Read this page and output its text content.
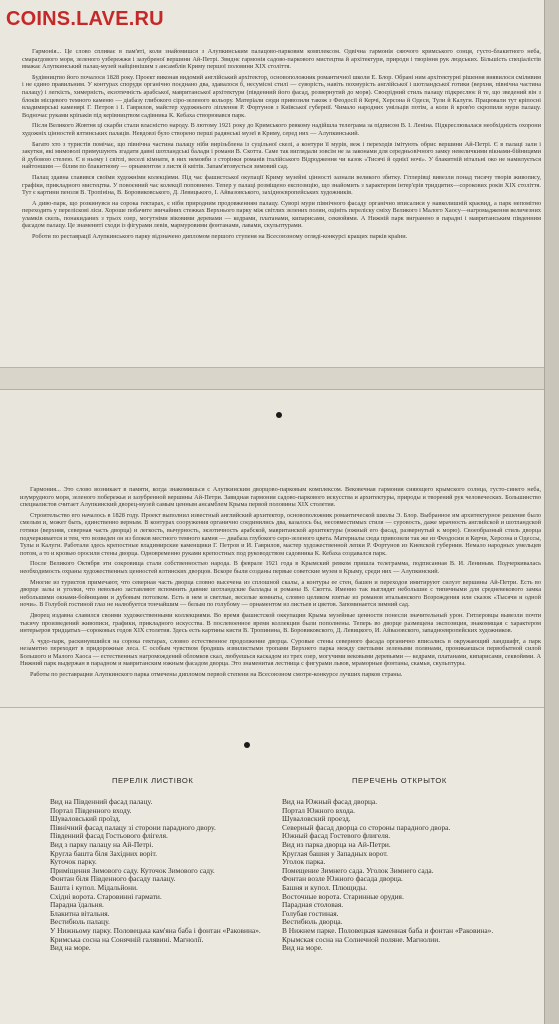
Гармонія... Це слово спливає в пам'яті, коли знайомишся з Алупкинським палацово-парковим комплексом. Одвічна гармонія сяючого кримського сонця, густо-блакитного неба, смарагдового моря, зеленого узбережжя і зазубреної вершини Ай-Петрі. Звиднє гармонія садово-паркового мистецтва й архітектури, природи і творіння рук людських. Більшість спеціалістів вважає Алупкинський палац-музей найціннішим з ансамблів Криму першої половини XIX століття.

Будівництво його почалося 1828 року. Проект виконав видомий англійський архітектор, основоположник романтичної школи Е. Блор. Обрані ним архітектурні рішення виявилося сміливим і не єдино правильним. У контурах споруди органічно поєднано два, здавалося б, несумісні стилі — суворість, навіть похмурість англійської і шотландської готики (верхня, північна частина палацу) і легкість, химерність, екзотичність арабської, мавританської архітектури (південний його фасад, розвернутий до моря). Своєрідний стиль палацу підкреслює й те, що зведений він з блоків місцевого темного каменю — діабазу глибокого сіро-зеленого кольору. Матеріали сюди привозили також з Феодосії й Керчі, Херсона й Одеси, Тули й Калуги. Працювали тут кріпосні владимирські каменярі Г. Петров і І. Гаврилов, майстер художнього ліплення Р. Фортунов з Київської губернії. Чимало народних умільців потім, а коли й кров'ю скропили мури палацу. Водночас руками кріпаків під керівництвом садівника К. Кебаха створювався парк.

Після Великого Жовтня ці скарби стали власністю народу. В лютому 1921 року до Кримського ревкому надійшла телеграма за підписом В. І. Леніна. Підкреслювалася необхідність охорони художніх цінностей ялтинських палаців. Невдовзі було створено перші радянські музеї в Криму, серед них — Алупкинський.

Багато хто з туристів помічає, що північна частина палацу ніби вирізьблена із суцільної скелі, а контури її мурів, веж і переходів імітують обрис вершини Ай-Петрі. Є в палаці зали і закутки, які мимоволі примушують згадати давні шотландські балади і романи В. Скотта. Саме так виглядали зовсім не за законами для середньовічного замку невеличкими вікнами-бійницями й дубовою стелею. Є в ньому і світлі, веселі кімнати, в них немовби з сторінки романів італійського Відродження чи казок «Тисячі й однієї ночі». У блакитній вітальні око не намилується найтоншим — білим по блакитному — орнаментом з листя й квітів. Запам'ятовується зимовий сад.

Палац здавна славився своїми художніми колекціями. Під час фашистської окупації Криму музейні цінності зазнали великого збитку. Гітлерівці вивезли понад тисячу творів живопису, графіки, прикладного мистецтва. У повоєнний час колекції поповнено. Тепер у палаці розміщено експозицію, що знайомить з характером інтер'єрів тридцятих—сорокових років XIX століття. Тут є картини пензля В. Тропініна, В. Боровиковського, Д. Левицького, І. Айвазовського, західноєвропейських художників.

А диво-парк, що розкинувся на сорока гектарах, є ніби природним продовженням палацу. Суворі мури північного фасаду органічно вписалися у навколишній краєвид, а парк непомітно переходить у переліскові ліси. Хороше побачите звичайних стежках Верхнього парку між світлих зелених полян, оцініть переліску сміху Великого і Малого Хаосу—нагромадження величезних уламків скель, понакиданих з трьох озер, могутніми віковими деревами — кедрами, платанами, кипарисами, секвойями. А Нижній парк вигранено в парадні і мавританським південним фасадом палацу. Це знамениті сходи із фігурами левів, мармуровими фонтанами, лавами, скульптурами.

Роботи по реставрації Алупкинського парку відзначено дипломом першого ступеня на Всесоюзному огляді-конкурсі кращих парків країни.

Гармония... Это слово возникает в памяти, когда знакомишься с Алупкинским дворцово-парковым комплексом. Вековечная гармония сияющего крымского солнца, густо-синего неба, изумрудного моря, зеленого побережья и зазубренной вершины Ай-Петри. Завидная гармония садово-паркового искусства и архитектуры, природы и творений рук человеческих. Большинство специалистов считает Алупкинский дворец-музей самым ценным ансамблем Крыма первой половины XIX столетия.

Строительство его началось в 1828 году. Проект выполнил известный английский архитектор, основоположник романтической школы Э. Блор. Выбранное им архитектурное решение было смелым и, может быть, единственно верным. В контурах сооружения органично соединились два, казалось бы, несовместимых стиля — суровость, даже мрачность английской и шотландской готики (верхняя, северная часть дворца) и легкость, вычурность, экзотичность арабской, мавританской архитектуры (южный его фасад, развернутый к морю). Своеобразный стиль дворца подчеркивается и тем, что возведен он из блоков местного темного камня — диабаза глубокого серо-зеленого цвета. Материалы сюда привозили так же из Феодосии и Керчи, Херсона и Одессы, Тулы и Калуги. Работали здесь крепостные владимирские каменщики Г. Петров и И. Гаврилов, мастер художественной лепки Р. Фортунов из Киевской губернии. Немало народных умельцев потом, а то и кровью оросили стены дворца. Одновременно руками крепостных под руководством садовника К. Кебаха создавался парк.

После Великого Октября эти сокровища стали собственностью народа. В феврале 1921 года в Крымский ревком пришла телеграмма, подписанная В. И. Лениным. Подчеркивалась необходимость охраны художественных ценностей ялтинских дворцов. Вскоре были созданы первые советские музеи в Крыму, среди них — Алупкинский.

Многие из туристов примечают, что северная часть дворца словно высечена из сплошной скалы, а контуры ее стен, башен и переходов имитируют силуэт вершины Ай-Петри. Есть во дворце залы и уголки, что невольно заставляют вспомнить давние шотландские баллады и романы В. Скотта. Именно так выглядят небольшие с типичными для средневекового замка небольшими окнами-бойницами и дубовым потолком. Есть в нем и светлые, веселые комнаты, словно целиком взятые из романов итальянского Возрождения или сказок «Тысячи и одной ночи». В Голубой гостиной глаз не налюбуется тончайшим — белым по голубому — орнаментом из листьев и цветов. Запоминается зимний сад.

Дворец издавна славился своими художественными коллекциями. Во время фашистской оккупации Крыма музейные ценности понесли значительный урон. Гитлеровцы вывезли почти тысячу произведений живописи, графики, прикладного искусства. В послевоенное время коллекции были пополнены. Теперь во дворце размещена экспозиция, знакомящая с характером интерьеров тридцатых—сороковых годов XIX столетия. Здесь есть картины кисти В. Тропинина, В. Боровиковского, Д. Левицкого, И. Айвазовского, западноевропейских художников.

А чудо-парк, раскинувшийся на сорока гектарах, словно естественное продолжение дворца. Суровые стены северного фасада органично вписались в окружающий ландшафт, а парк незаметно переходит в придорожные леса. С особым чувством бродишь извилистыми тропами Верхнего парка между светлыми зелеными полянами, проникаешься первобытной силой Большого и Малого Хаоса — естественных нагромождений обломков скал, любуешься каскадом из трех озер, могучими вековыми деревьями — кедрами, платанами, кипарисами, секвойями. А Нижний парк выдержан в парадном и мавританским южным фасадом дворца. Это знаменитая лестница с фигурами львов, мраморные фонтаны, скамьи, скульптуры.

Работы по реставрации Алупкинского парка отмечены дипломом первой степени на Всесоюзном смотре-конкурсе лучших парков страны.

COINS.LAVE.RU
ПЕРЕЛІК ЛИСТІВОК	ПЕРЕЧЕНЬ ОТКРЫТОК
Вид на Південний фасад палацу.
Портал Південного входу.
Шуваловський проїзд.
Північний фасад палацу зі сторони парадного двору.
Південний фасад Гостьового флігеля.
Вид з парку палацу на Ай-Петрі.
Кругла башта біля Західних воріт.
Куточок парку.
Приміщення Зимового саду. Куточок Зимового саду.
Фонтан біля Південного фасаду палацу.
Башта і купол. Мідальйони.
Східні ворота. Старовинні гармати.
Парадна їдальня.
Блакитна вітальня.
Вестибюль палацу.
У Нижньому парку. Половецька кам'яна баба і фонтан «Раковина».
Кримська сосна на Сонячній галявині. Магнолії.
Вид на море.
Вид на Южный фасад дворца.
Портал Южного входа.
Шуваловский проезд.
Северный фасад дворца со стороны парадного двора.
Южный фасад Гостевого флигеля.
Вид из парка дворца на Ай-Петри.
Круглая башня у Западных ворот.
Уголок парка.
Помещение Зимнего сада. Уголок Зимнего сада.
Фонтан возле Южного фасада дворца.
Башня и купол. Плющиды.
Восточные ворота. Старинные орудия.
Парадная столовая.
Голубая гостиная.
Вестибюль дворца.
В Нижнем парке. Половецкая каменная баба и фонтан «Раковина».
Крымская сосна на Солнечной поляне. Магнолии.
Вид на море.
